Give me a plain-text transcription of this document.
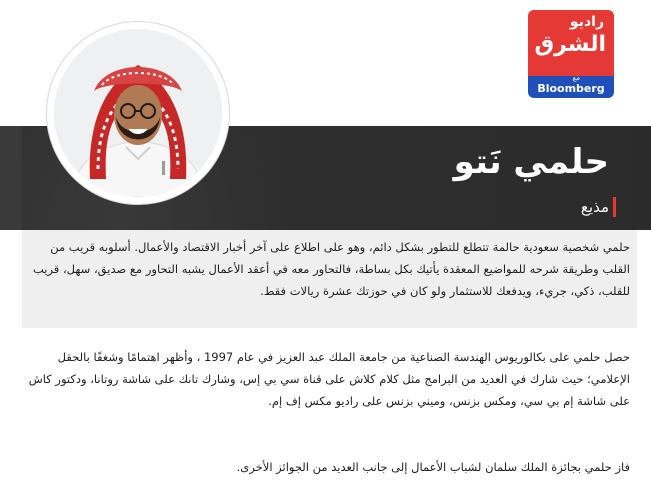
راديو
الشرق
مع
Bloomberg
حلمي نَتو
مذيع
حلمي شخصية سعودية حالمة تتطلع للتطور بشكل دائم، وهو على اطلاع على آخر أخبار الاقتصاد والأعمال. أسلوبه قريب من القلب وطريقة شرحه للمواضيع المعقدة يأتيك بكل بساطة، فالتحاور معه في أعقد الأعمال يشبه التحاور مع صديق، سهل، قريب للقلب، ذكي، جريء، ويدفعك للاستثمار ولو كان في حوزتك عشرة ريالات فقط.
حصل حلمي على بكالوريوس الهندسة الصناعية من جامعة الملك عبد العزيز في عام 1997 ، وأظهر اهتمامًا وشغفًا بالحقل الإعلامي؛ حيث شارك في العديد من البرامج مثل كلام كلاش على قناة سي بي إس، وشارك تانك على شاشة روتانا، ودكتور كاش على شاشة إم بي سي، ومكس بزنس، وميني بزنس على راديو مكس إف إم.
فاز حلمي بجائزة الملك سلمان لشباب الأعمال إلى جانب العديد من الجوائز الأخرى.
